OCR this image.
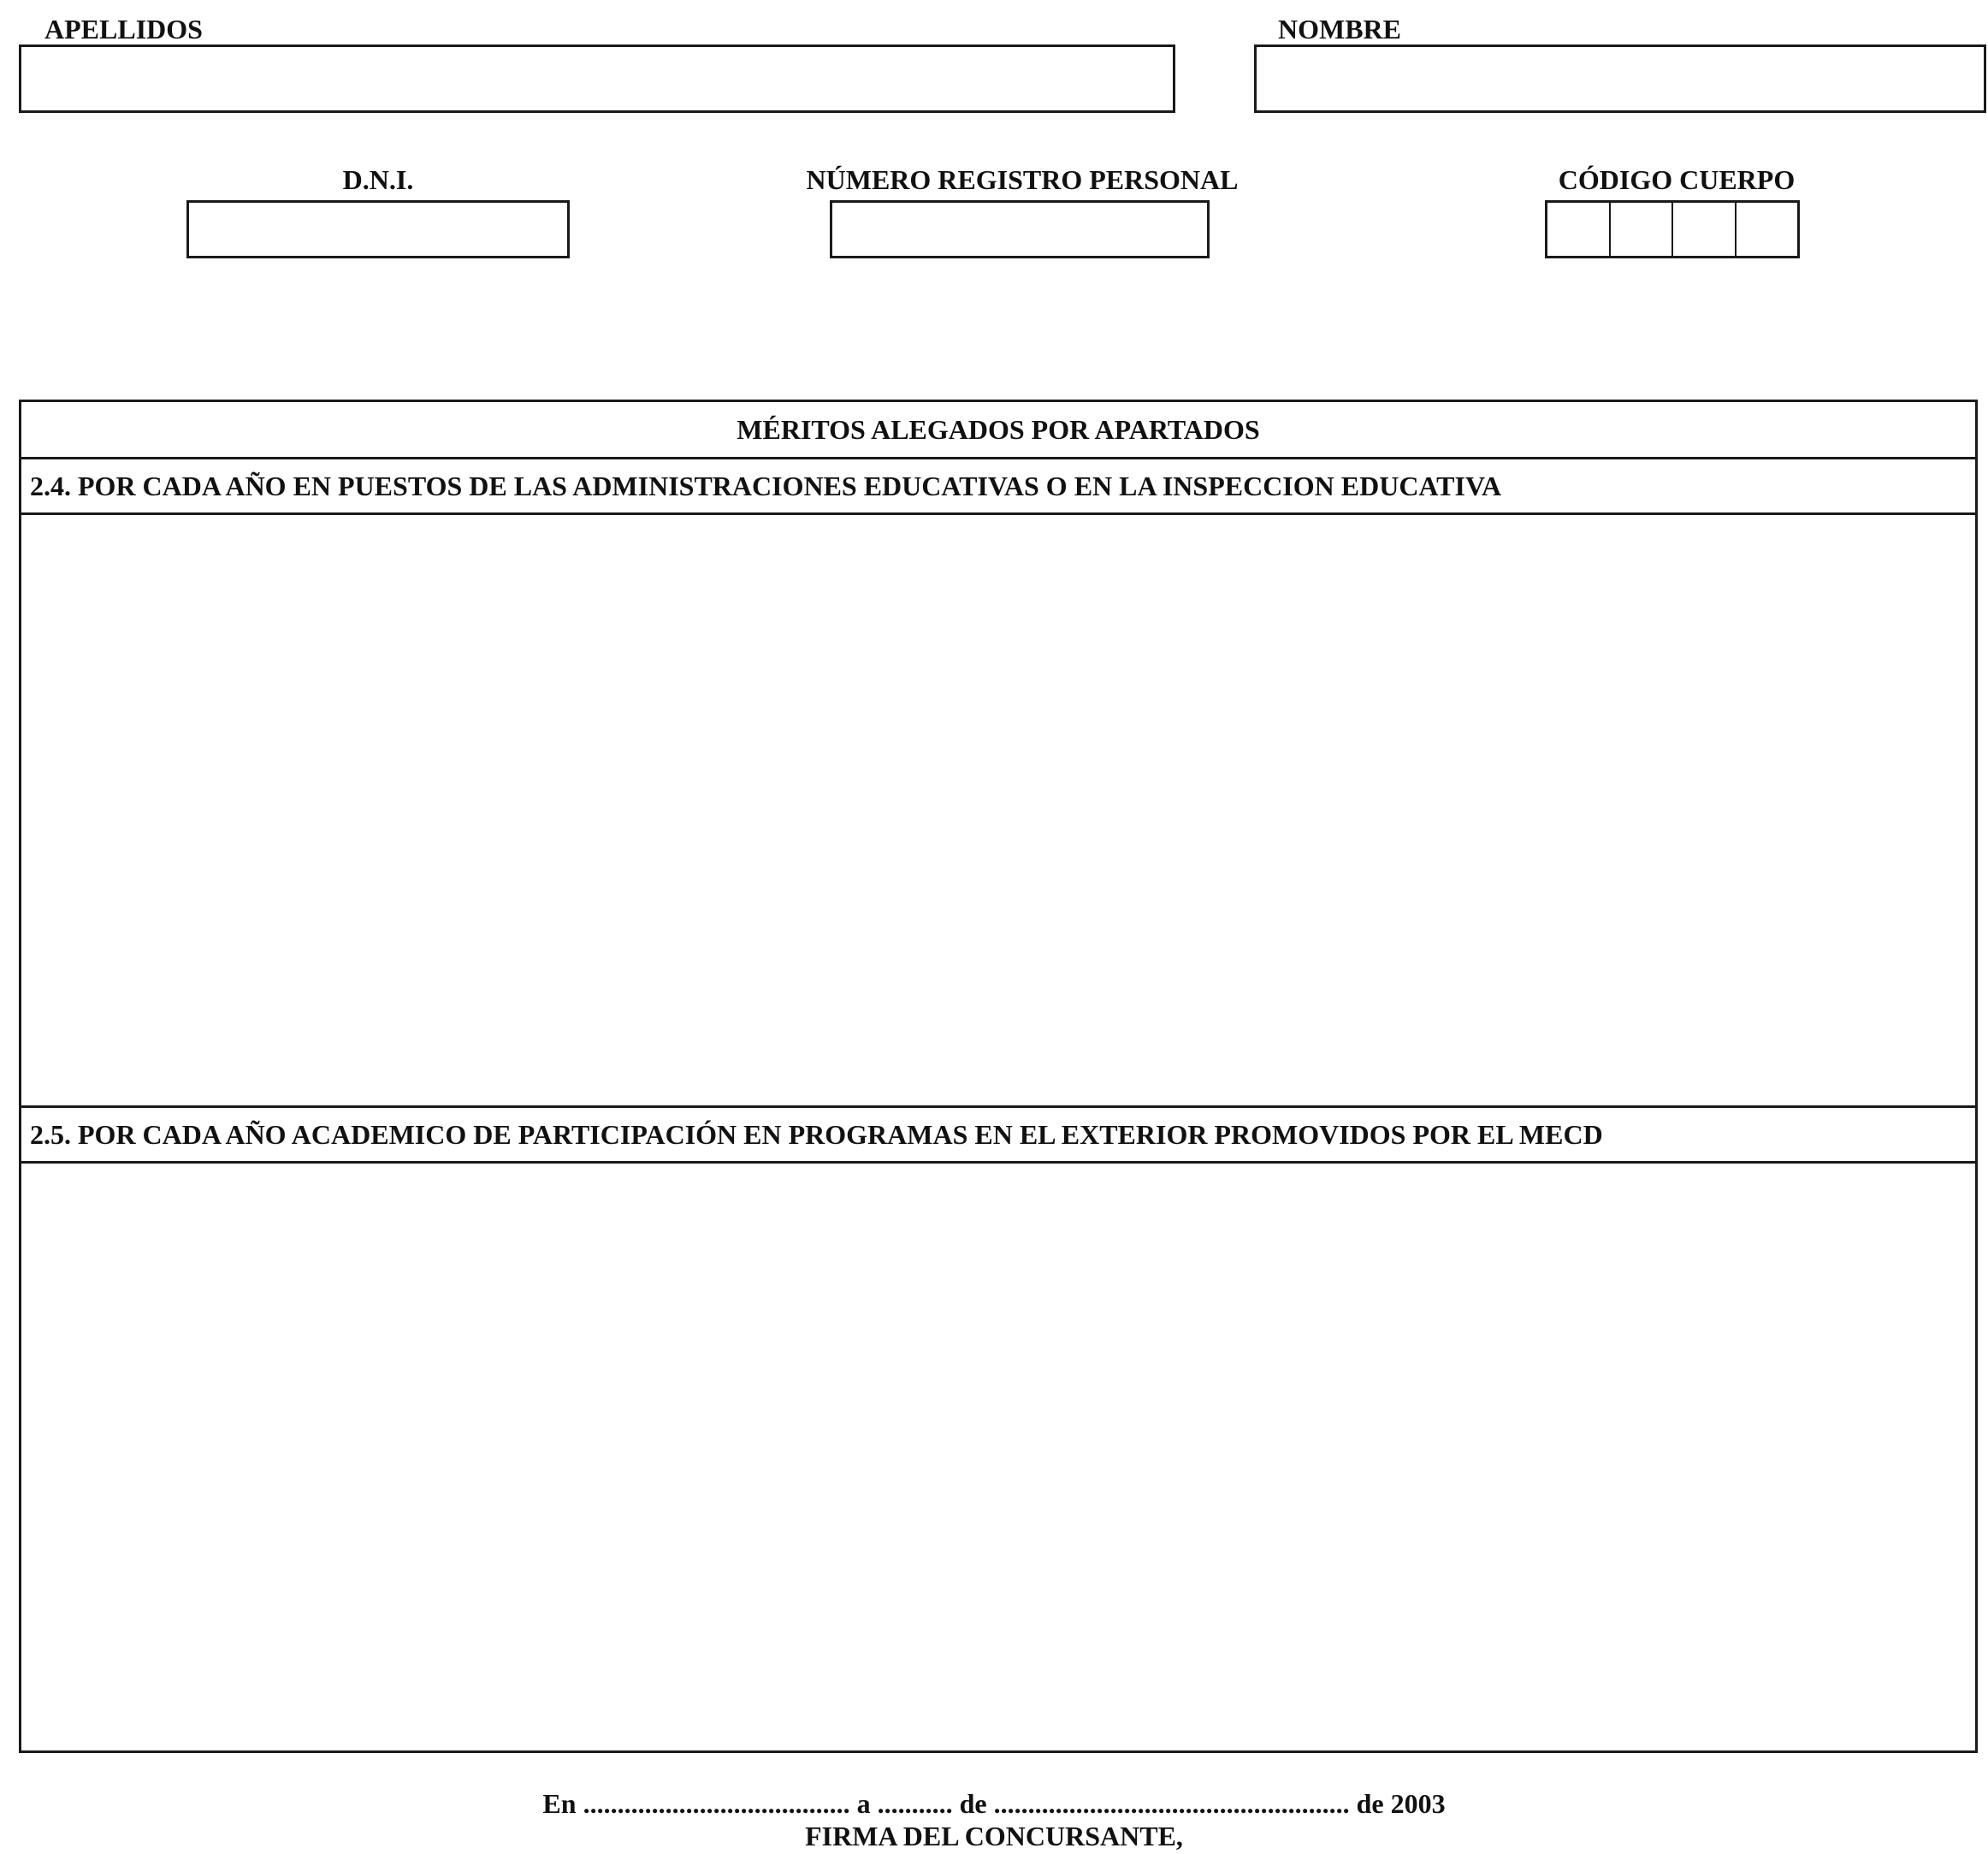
APELLIDOS	NOMBRE
D.N.I.	NÚMERO REGISTRO PERSONAL	CÓDIGO CUERPO
MÉRITOS ALEGADOS POR APARTADOS
2.4. POR CADA AÑO EN PUESTOS DE LAS ADMINISTRACIONES EDUCATIVAS O EN LA INSPECCION EDUCATIVA
2.5. POR CADA AÑO ACADEMICO DE PARTICIPACIÓN EN PROGRAMAS EN EL EXTERIOR PROMOVIDOS POR EL MECD
En ....................................... a ........... de .................................................... de 2003
FIRMA DEL CONCURSANTE,
